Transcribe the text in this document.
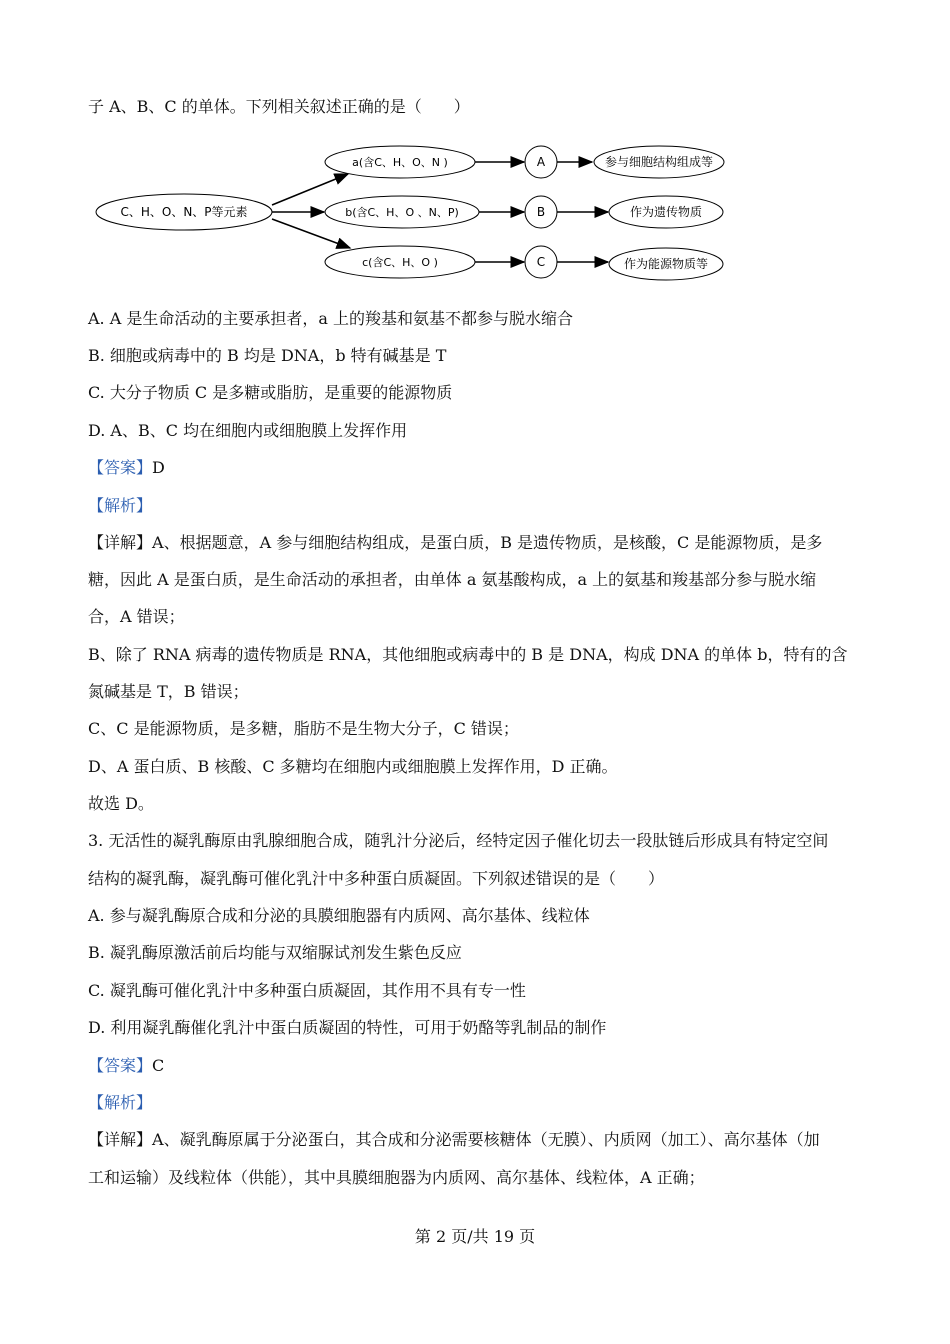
子 A、B、C 的单体。下列相关叙述正确的是（　　）
C、H、O、N、P等元素
a(含C、H、O、N )
b(含C、H、O 、N、P)
c(含C、H、O )
A
B
C
参与细胞结构组成等
作为遗传物质
作为能源物质等
A. A 是生命活动的主要承担者，a 上的羧基和氨基不都参与脱水缩合
B. 细胞或病毒中的 B 均是 DNA，b 特有碱基是 T
C. 大分子物质 C 是多糖或脂肪，是重要的能源物质
D. A、B、C 均在细胞内或细胞膜上发挥作用
【答案】D
【解析】
【详解】A、根据题意，A 参与细胞结构组成，是蛋白质，B 是遗传物质，是核酸，C 是能源物质，是多
糖，因此 A 是蛋白质，是生命活动的承担者，由单体 a 氨基酸构成，a 上的氨基和羧基部分参与脱水缩
合，A 错误；
B、除了 RNA 病毒的遗传物质是 RNA，其他细胞或病毒中的 B 是 DNA，构成 DNA 的单体 b，特有的含
氮碱基是 T，B 错误；
C、C 是能源物质，是多糖，脂肪不是生物大分子，C 错误；
D、A 蛋白质、B 核酸、C 多糖均在细胞内或细胞膜上发挥作用，D 正确。
故选 D。
3. 无活性的凝乳酶原由乳腺细胞合成，随乳汁分泌后，经特定因子催化切去一段肽链后形成具有特定空间
结构的凝乳酶，凝乳酶可催化乳汁中多种蛋白质凝固。下列叙述错误的是（　　）
A. 参与凝乳酶原合成和分泌的具膜细胞器有内质网、高尔基体、线粒体
B. 凝乳酶原激活前后均能与双缩脲试剂发生紫色反应
C. 凝乳酶可催化乳汁中多种蛋白质凝固，其作用不具有专一性
D. 利用凝乳酶催化乳汁中蛋白质凝固的特性，可用于奶酪等乳制品的制作
【答案】C
【解析】
【详解】A、凝乳酶原属于分泌蛋白，其合成和分泌需要核糖体（无膜）、内质网（加工）、高尔基体（加
工和运输）及线粒体（供能），其中具膜细胞器为内质网、高尔基体、线粒体，A 正确；
第 2 页/共 19 页
